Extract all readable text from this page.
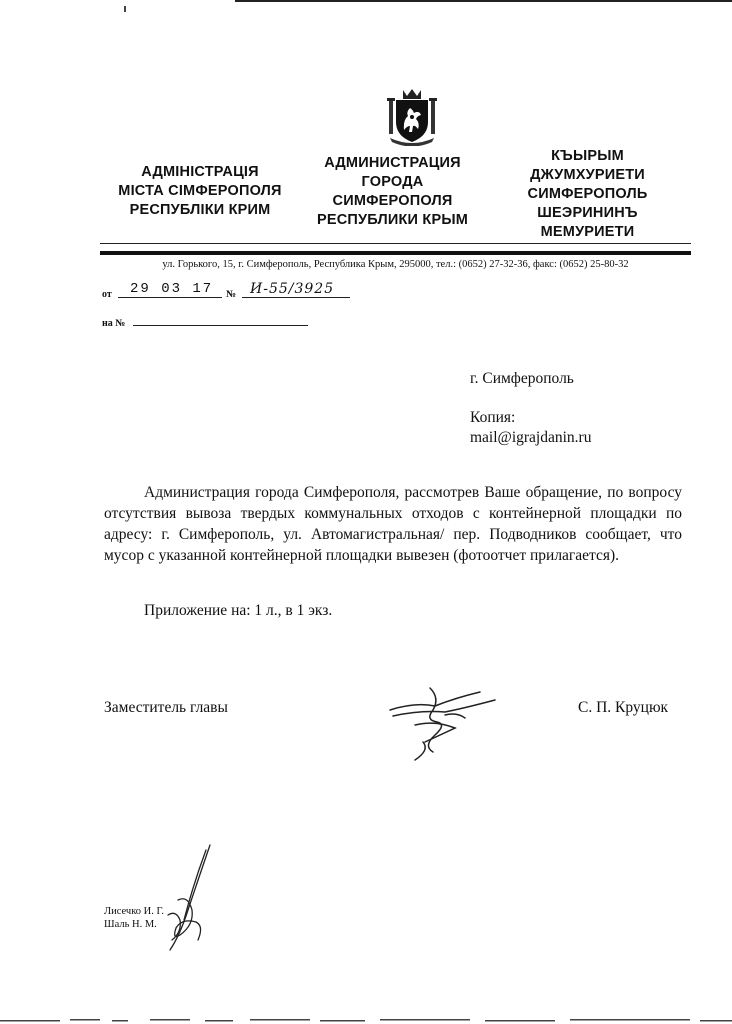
АДМІНІСТРАЦІЯ
МІСТА СІМФЕРОПОЛЯ
РЕСПУБЛІКИ КРИМ
АДМИНИСТРАЦИЯ
ГОРОДА
СИМФЕРОПОЛЯ
РЕСПУБЛИКИ КРЫМ
КЪЫРЫМ
ДЖУМХУРИЕТИ
СИМФЕРОПОЛЬ
ШЕЭРИНИНЪ
МЕМУРИЕТИ
ул. Горького, 15, г. Симферополь, Республика Крым, 295000, тел.: (0652) 27-32-36, факс: (0652) 25-80-32
от	29 03 17	№ И-55/3925
на №
г. Симферополь
Копия:
mail@igrajdanin.ru

Администрация города Симферополя, рассмотрев Ваше обращение, по вопросу отсутствия вывоза твердых коммунальных отходов с контейнерной площадки по адресу: г. Симферополь, ул. Автомагистральная/ пер. Подводников сообщает, что мусор с указанной контейнерной площадки вывезен (фотоотчет прилагается).

Приложение на: 1 л., в 1 экз.
Заместитель главы	С. П. Круцюк
Лисечко И. Г.
Шаль Н. М.
